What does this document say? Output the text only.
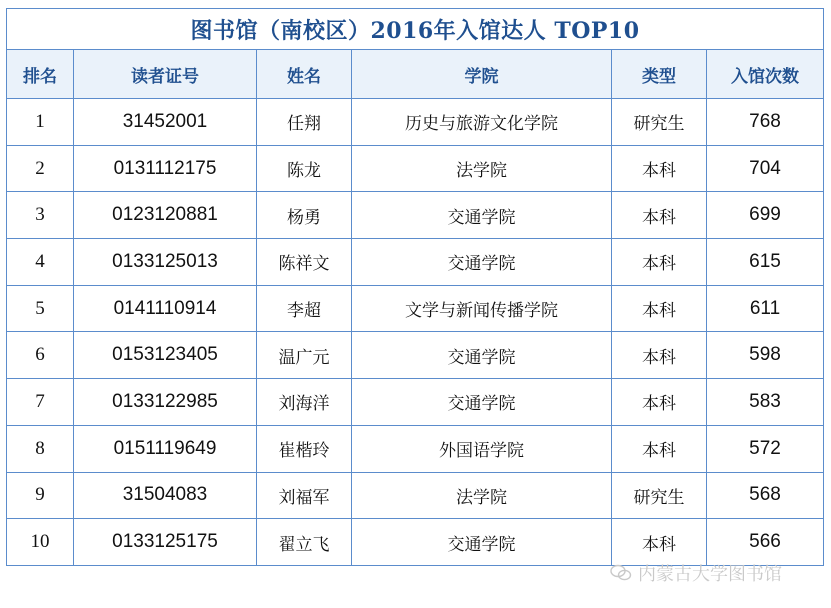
图书馆（南校区）2016年入馆达人 TOP10					
排名	读者证号	姓名	学院	类型	入馆次数
1	31452001	任翔	历史与旅游文化学院	研究生	768
2	0131112175	陈龙	法学院	本科	704
3	0123120881	杨勇	交通学院	本科	699
4	0133125013	陈祥文	交通学院	本科	615
5	0141110914	李超	文学与新闻传播学院	本科	611
6	0153123405	温广元	交通学院	本科	598
7	0133122985	刘海洋	交通学院	本科	583
8	0151119649	崔楷玲	外国语学院	本科	572
9	31504083	刘福军	法学院	研究生	568
10	0133125175	翟立飞	交通学院	本科	566
内蒙古大学图书馆
